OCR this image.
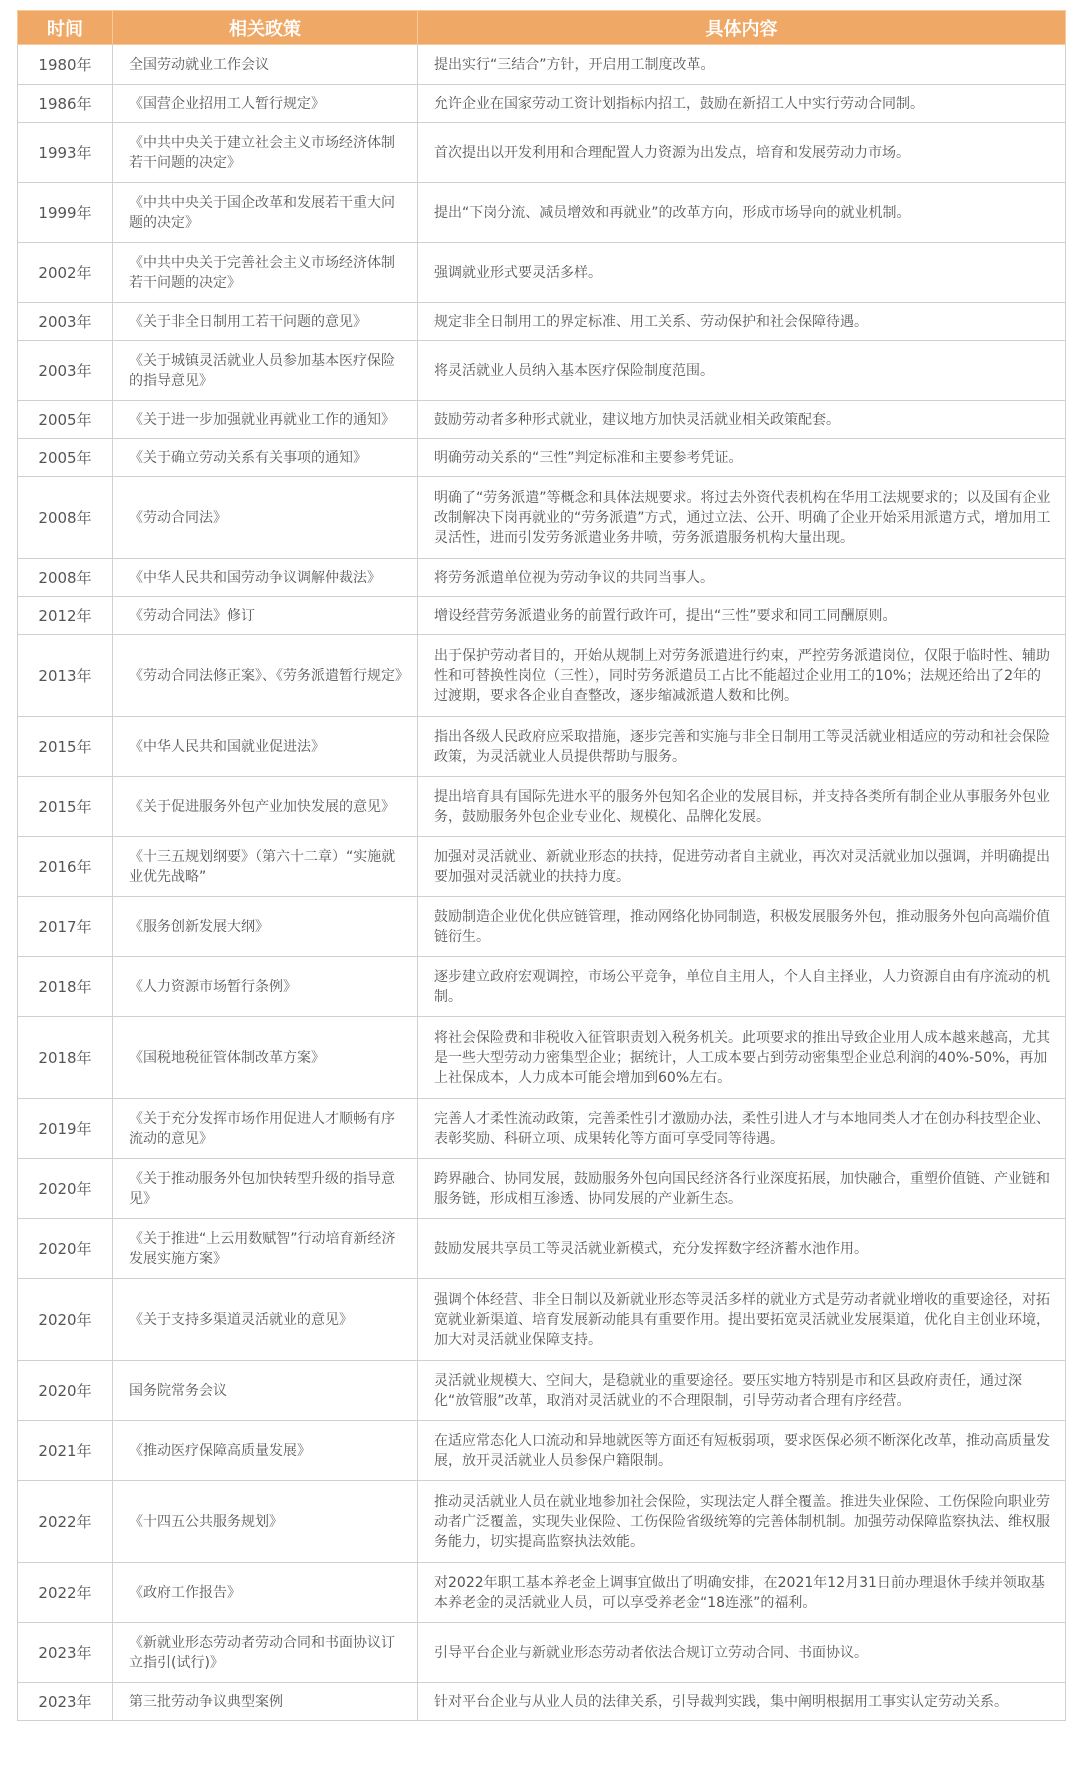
时间	相关政策	具体内容
1980年	全国劳动就业工作会议	提出实行“三结合”方针，开启用工制度改革。
1986年	《国营企业招用工人暂行规定》	允许企业在国家劳动工资计划指标内招工，鼓励在新招工人中实行劳动合同制。
1993年	《中共中央关于建立社会主义市场经济体制若干问题的决定》	首次提出以开发利用和合理配置人力资源为出发点，培育和发展劳动力市场。
1999年	《中共中央关于国企改革和发展若干重大问题的决定》	提出“下岗分流、减员增效和再就业”的改革方向，形成市场导向的就业机制。
2002年	《中共中央关于完善社会主义市场经济体制若干问题的决定》	强调就业形式要灵活多样。
2003年	《关于非全日制用工若干问题的意见》	规定非全日制用工的界定标准、用工关系、劳动保护和社会保障待遇。
2003年	《关于城镇灵活就业人员参加基本医疗保险的指导意见》	将灵活就业人员纳入基本医疗保险制度范围。
2005年	《关于进一步加强就业再就业工作的通知》	鼓励劳动者多种形式就业，建议地方加快灵活就业相关政策配套。
2005年	《关于确立劳动关系有关事项的通知》	明确劳动关系的“三性”判定标准和主要参考凭证。
2008年	《劳动合同法》	明确了“劳务派遣”等概念和具体法规要求。将过去外资代表机构在华用工法规要求的；以及国有企业改制解决下岗再就业的“劳务派遣”方式，通过立法、公开、明确了企业开始采用派遣方式，增加用工灵活性，进而引发劳务派遣业务井喷，劳务派遣服务机构大量出现。
2008年	《中华人民共和国劳动争议调解仲裁法》	将劳务派遣单位视为劳动争议的共同当事人。
2012年	《劳动合同法》修订	增设经营劳务派遣业务的前置行政许可，提出“三性”要求和同工同酬原则。
2013年	《劳动合同法修正案》、《劳务派遣暂行规定》	出于保护劳动者目的，开始从规制上对劳务派遣进行约束，严控劳务派遣岗位，仅限于临时性、辅助性和可替换性岗位（三性），同时劳务派遣员工占比不能超过企业用工的10%；法规还给出了2年的过渡期，要求各企业自查整改，逐步缩减派遣人数和比例。
2015年	《中华人民共和国就业促进法》	指出各级人民政府应采取措施，逐步完善和实施与非全日制用工等灵活就业相适应的劳动和社会保险政策，为灵活就业人员提供帮助与服务。
2015年	《关于促进服务外包产业加快发展的意见》	提出培育具有国际先进水平的服务外包知名企业的发展目标，并支持各类所有制企业从事服务外包业务，鼓励服务外包企业专业化、规模化、品牌化发展。
2016年	《十三五规划纲要》（第六十二章）“实施就业优先战略”	加强对灵活就业、新就业形态的扶持，促进劳动者自主就业，再次对灵活就业加以强调，并明确提出要加强对灵活就业的扶持力度。
2017年	《服务创新发展大纲》	鼓励制造企业优化供应链管理，推动网络化协同制造，积极发展服务外包，推动服务外包向高端价值链衍生。
2018年	《人力资源市场暂行条例》	逐步建立政府宏观调控，市场公平竞争，单位自主用人，个人自主择业，人力资源自由有序流动的机制。
2018年	《国税地税征管体制改革方案》	将社会保险费和非税收入征管职责划入税务机关。此项要求的推出导致企业用人成本越来越高，尤其是一些大型劳动力密集型企业；据统计，人工成本要占到劳动密集型企业总利润的40%-50%，再加上社保成本，人力成本可能会增加到60%左右。
2019年	《关于充分发挥市场作用促进人才顺畅有序流动的意见》	完善人才柔性流动政策，完善柔性引才激励办法，柔性引进人才与本地同类人才在创办科技型企业、表彰奖励、科研立项、成果转化等方面可享受同等待遇。
2020年	《关于推动服务外包加快转型升级的指导意见》	跨界融合、协同发展，鼓励服务外包向国民经济各行业深度拓展，加快融合，重塑价值链、产业链和服务链，形成相互渗透、协同发展的产业新生态。
2020年	《关于推进“上云用数赋智”行动培育新经济发展实施方案》	鼓励发展共享员工等灵活就业新模式，充分发挥数字经济蓄水池作用。
2020年	《关于支持多渠道灵活就业的意见》	强调个体经营、非全日制以及新就业形态等灵活多样的就业方式是劳动者就业增收的重要途径，对拓宽就业新渠道、培育发展新动能具有重要作用。提出要拓宽灵活就业发展渠道，优化自主创业环境，加大对灵活就业保障支持。
2020年	国务院常务会议	灵活就业规模大、空间大，是稳就业的重要途径。要压实地方特别是市和区县政府责任，通过深化“放管服”改革，取消对灵活就业的不合理限制，引导劳动者合理有序经营。
2021年	《推动医疗保障高质量发展》	在适应常态化人口流动和异地就医等方面还有短板弱项，要求医保必须不断深化改革，推动高质量发展，放开灵活就业人员参保户籍限制。
2022年	《十四五公共服务规划》	推动灵活就业人员在就业地参加社会保险，实现法定人群全覆盖。推进失业保险、工伤保险向职业劳动者广泛覆盖，实现失业保险、工伤保险省级统筹的完善体制机制。加强劳动保障监察执法、维权服务能力，切实提高监察执法效能。
2022年	《政府工作报告》	对2022年职工基本养老金上调事宜做出了明确安排，在2021年12月31日前办理退休手续并领取基本养老金的灵活就业人员，可以享受养老金“18连涨”的福利。
2023年	《新就业形态劳动者劳动合同和书面协议订立指引(试行)》	引导平台企业与新就业形态劳动者依法合规订立劳动合同、书面协议。
2023年	第三批劳动争议典型案例	针对平台企业与从业人员的法律关系，引导裁判实践，集中阐明根据用工事实认定劳动关系。
